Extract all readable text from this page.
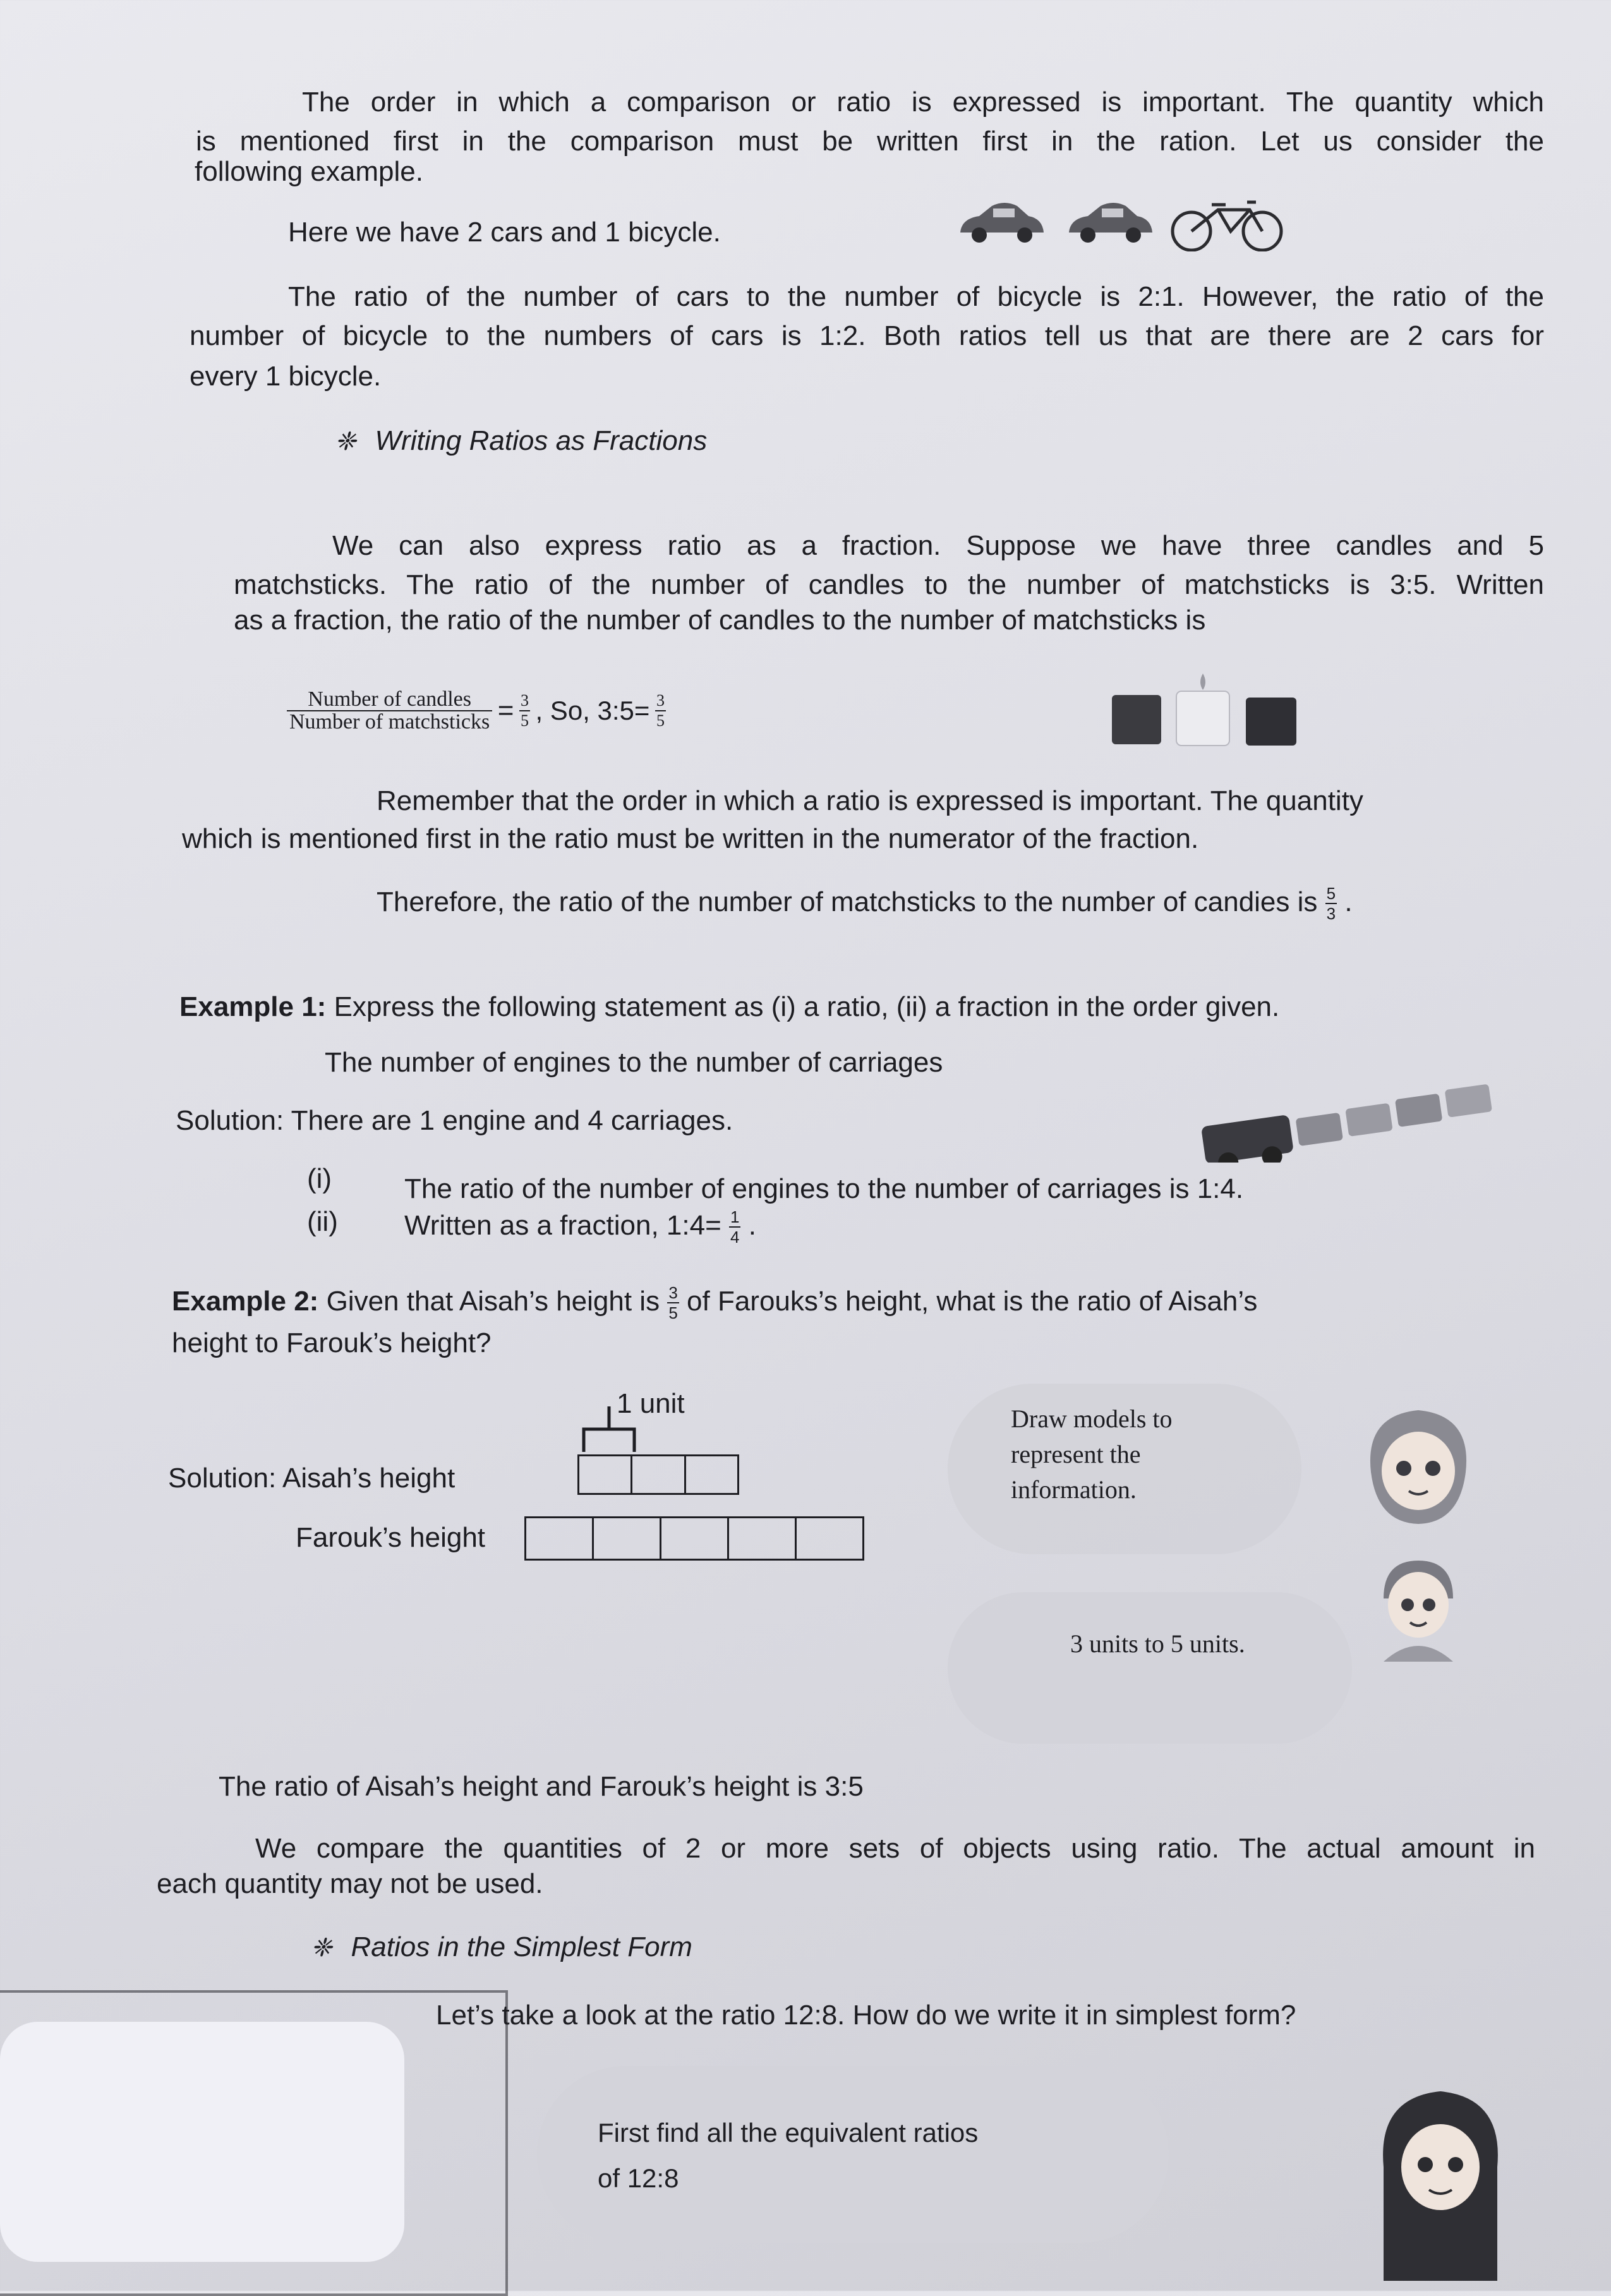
The order in which a comparison or ratio is expressed is important. The quantity which
is mentioned first in the comparison must be written first in the ration. Let us consider the
following example.
Here we have 2 cars and 1 bicycle.
The ratio of the number of cars to the number of bicycle is 2:1. However, the ratio of the
number of bicycle to the numbers of cars is 1:2. Both ratios tell us that are there are 2 cars for
every 1 bicycle.
❈ Writing Ratios as Fractions
We can also express ratio as a fraction. Suppose we have three candles and 5
matchsticks. The ratio of the number of candles to the number of matchsticks is 3:5. Written
as a fraction, the ratio of the number of candles to the number of matchsticks is
$\frac{\text{Number of candles}}{\text{Number of matchsticks}} = \frac{3}{5}$ , So, 3:5= $\frac{3}{5}$
Remember that the order in which a ratio is expressed is important. The quantity
which is mentioned first in the ratio must be written in the numerator of the fraction.
Therefore, the ratio of the number of matchsticks to the number of candies is $\frac{5}{3}$ .
Example 1: Express the following statement as (i) a ratio, (ii) a fraction in the order given.
The number of engines to the number of carriages
Solution: There are 1 engine and 4 carriages.
(i)	The ratio of the number of engines to the number of carriages is 1:4.
(ii) Written as a fraction, 1:4= $\frac{1}{4}$ .
Example 2: Given that Aisah’s height is $\frac{3}{5}$ of Farouks’s height, what is the ratio of Aisah’s
height to Farouk’s height?
1 unit
Solution: Aisah’s height
Farouk’s height
Draw models to represent the information.
3 units to 5 units.
The ratio of Aisah’s height and Farouk’s height is 3:5
We compare the quantities of 2 or more sets of objects using ratio. The actual amount in
each quantity may not be used.
❈ Ratios in the Simplest Form
Let’s take a look at the ratio 12:8. How do we write it in simplest form?
First find all the equivalent ratios of 12:8
